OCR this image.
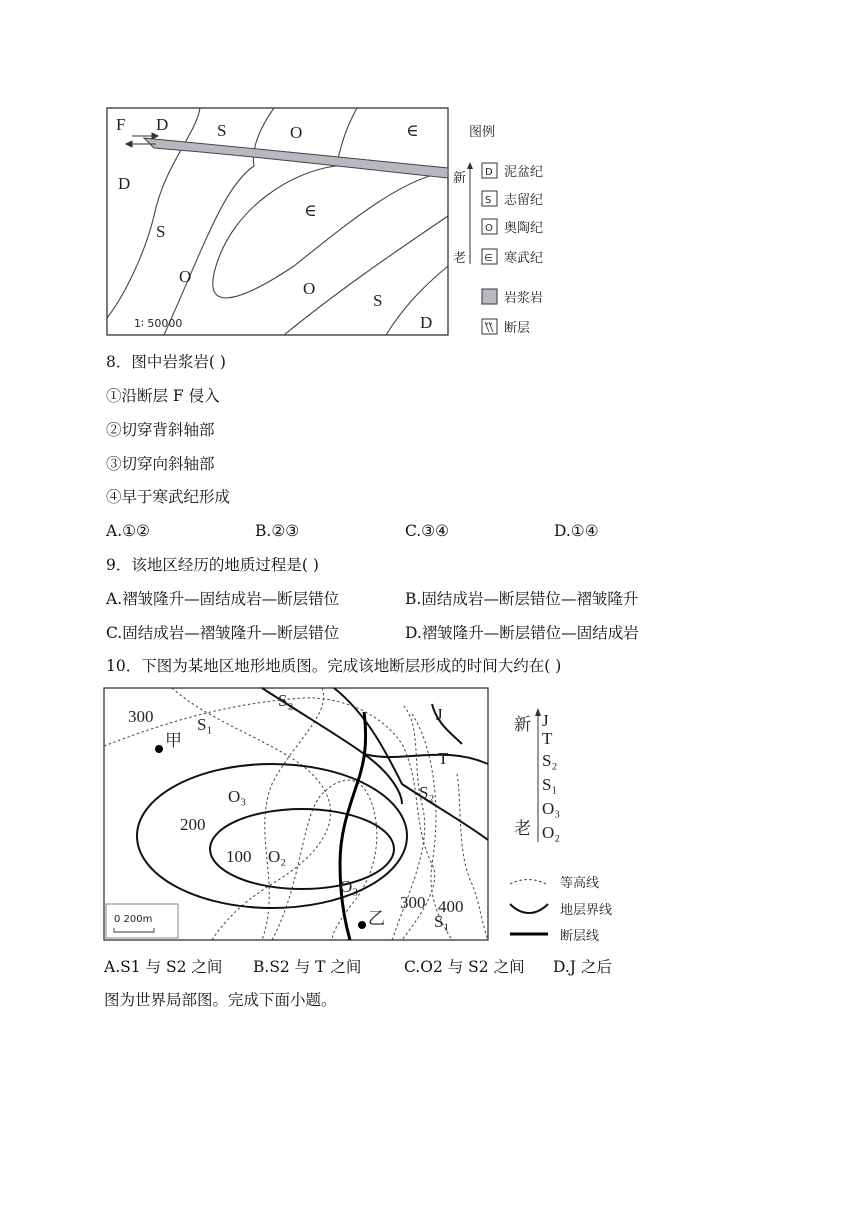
F D	S	O	∈
D
S
O
∈
O
S
D
1∶ 50000
图例
新
老
D 泥盆纪
S 志留纪
O 奥陶纪
∈ 寒武纪
岩浆岩
断层
8．图中岩浆岩( )
①沿断层 F 侵入
②切穿背斜轴部
③切穿向斜轴部
④早于寒武纪形成
A.①②	B.②③	C.③④	D.①④
9．该地区经历的地质过程是( )
A.褶皱隆升—固结成岩—断层错位	B.固结成岩—断层错位—褶皱隆升
C.固结成岩—褶皱隆升—断层错位	D.褶皱隆升—断层错位—固结成岩
10．下图为某地区地形地质图。完成该地断层形成的时间大约在( )
300	S₁
甲
S₂
J
T
O₃	S₂
200
100 O₂
O₃
300 400
S₁
乙
0 200m
新
老
J
T
S₂
S₁
O₃
O₂
等高线
地层界线
断层线
A.S1 与 S2 之间 B.S2 与 T 之间	C.O2 与 S2 之间 D.J 之后
图为世界局部图。完成下面小题。
